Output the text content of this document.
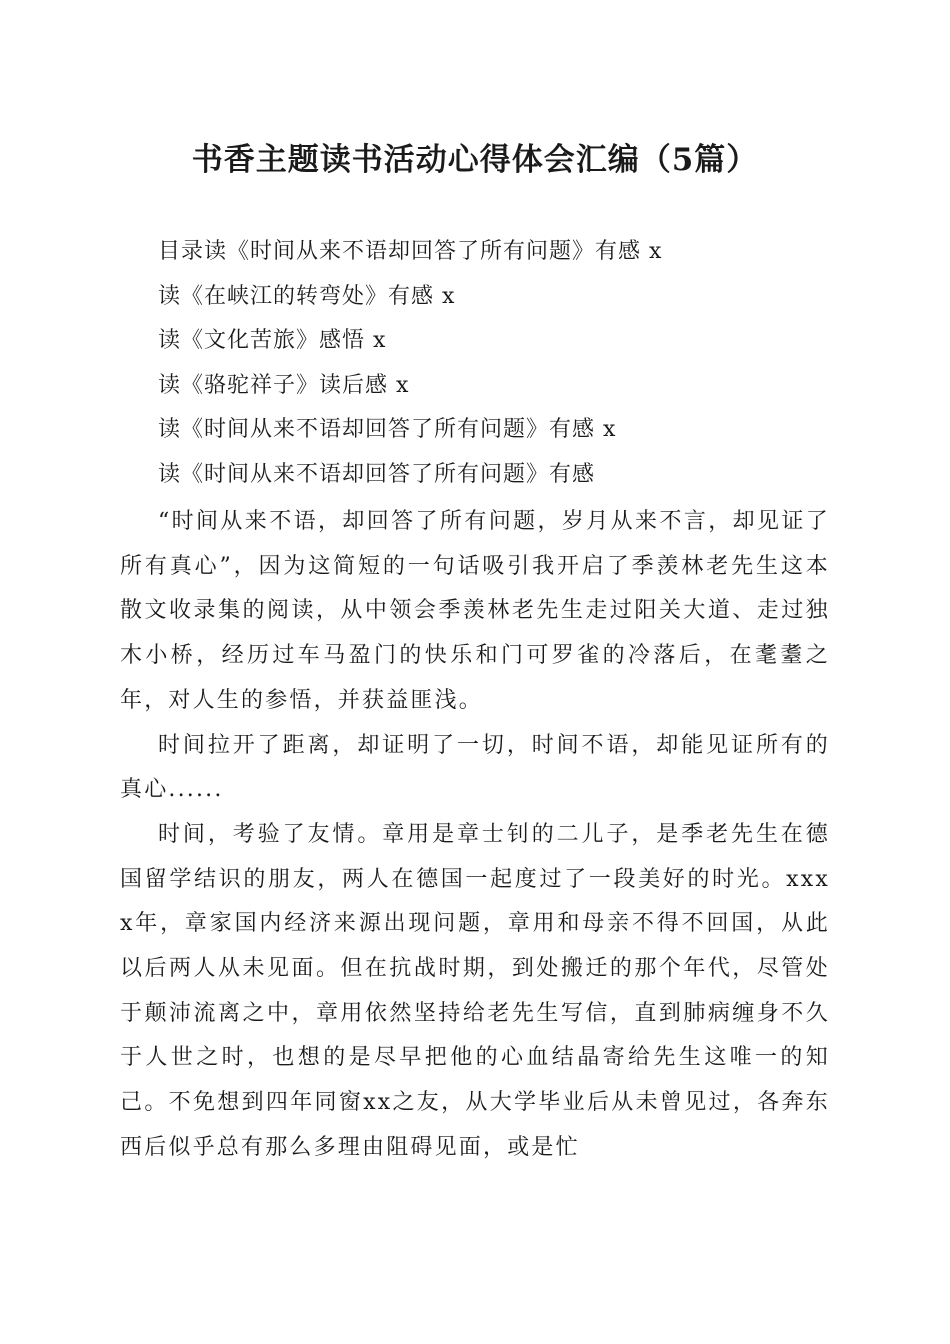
书香主题读书活动心得体会汇编（5篇）
目录读《时间从来不语却回答了所有问题》有感 x
读《在峡江的转弯处》有感 x
读《文化苦旅》感悟 x
读《骆驼祥子》读后感 x
读《时间从来不语却回答了所有问题》有感 x
读《时间从来不语却回答了所有问题》有感

“时间从来不语，却回答了所有问题，岁月从来不言，却见证了所有真心”，因为这简短的一句话吸引我开启了季羡林老先生这本散文收录集的阅读，从中领会季羡林老先生走过阳关大道、走过独木小桥，经历过车马盈门的快乐和门可罗雀的冷落后，在耄耋之年，对人生的参悟，并获益匪浅。

时间拉开了距离，却证明了一切，时间不语，却能见证所有的真心......

时间，考验了友情。章用是章士钊的二儿子，是季老先生在德国留学结识的朋友，两人在德国一起度过了一段美好的时光。xxxx年，章家国内经济来源出现问题，章用和母亲不得不回国，从此以后两人从未见面。但在抗战时期，到处搬迁的那个年代，尽管处于颠沛流离之中，章用依然坚持给老先生写信，直到肺病缠身不久于人世之时，也想的是尽早把他的心血结晶寄给先生这唯一的知己。不免想到四年同窗xx之友，从大学毕业后从未曾见过，各奔东西后似乎总有那么多理由阻碍见面，或是忙
